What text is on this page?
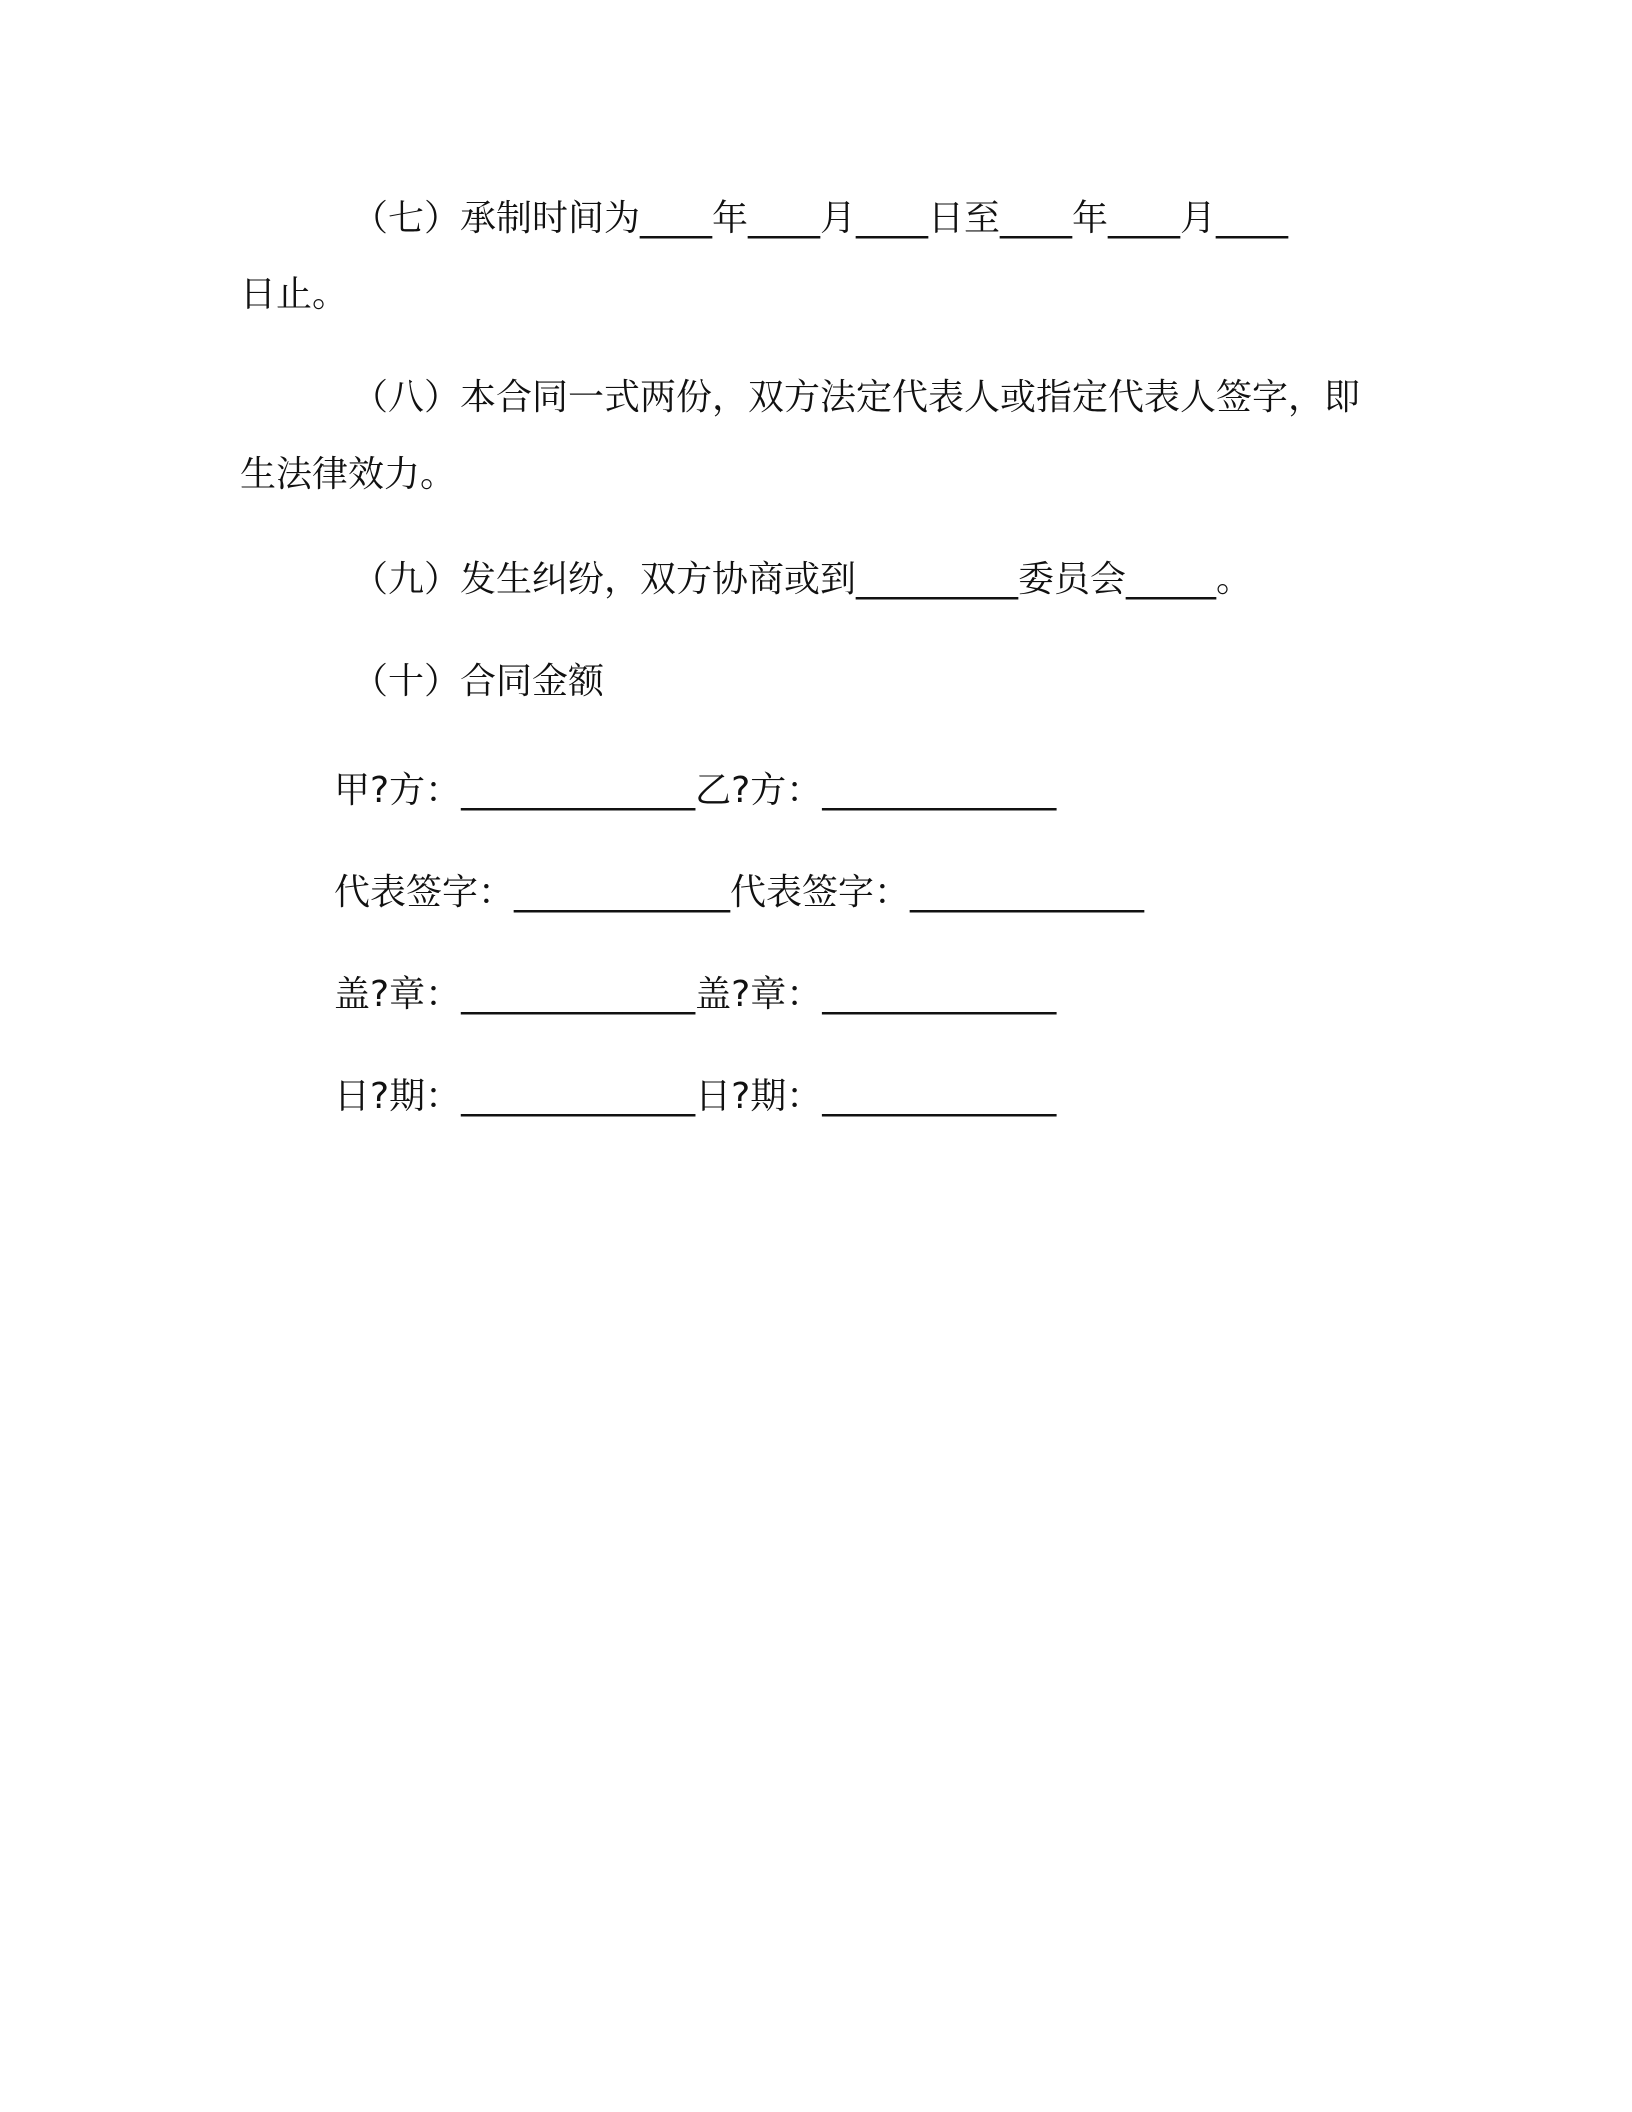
（七）承制时间为____年____月____日至____年____月____
日止。
（八）本合同一式两份，双方法定代表人或指定代表人签字，即
生法律效力。
（九）发生纠纷，双方协商或到_________委员会_____。
（十）合同金额
甲?方：_____________乙?方：_____________
代表签字：____________代表签字：_____________
盖?章：_____________盖?章：_____________
日?期：_____________日?期：_____________
